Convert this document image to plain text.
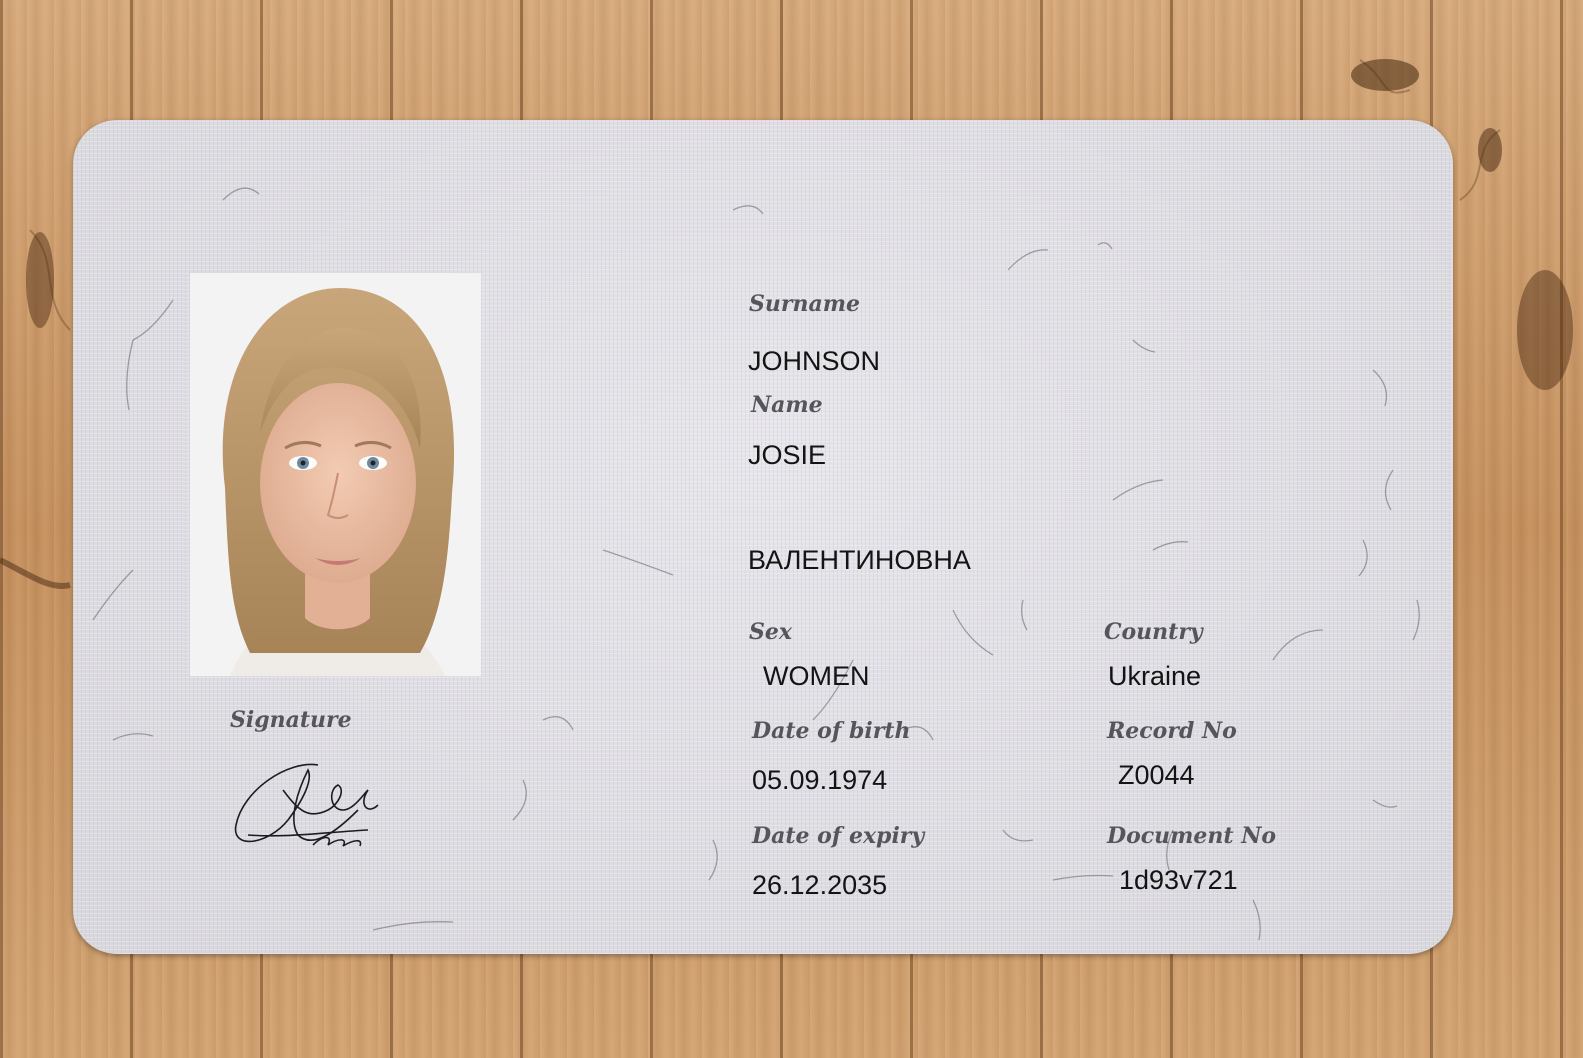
Signature
Surname
JOHNSON
Name
JOSIE
ВАЛЕНТИНОВНА
Sex
WOMEN
Country
Ukraine
Date of birth
05.09.1974
Record No
Z0044
Date of expiry
26.12.2035
Document No
1d93v721
